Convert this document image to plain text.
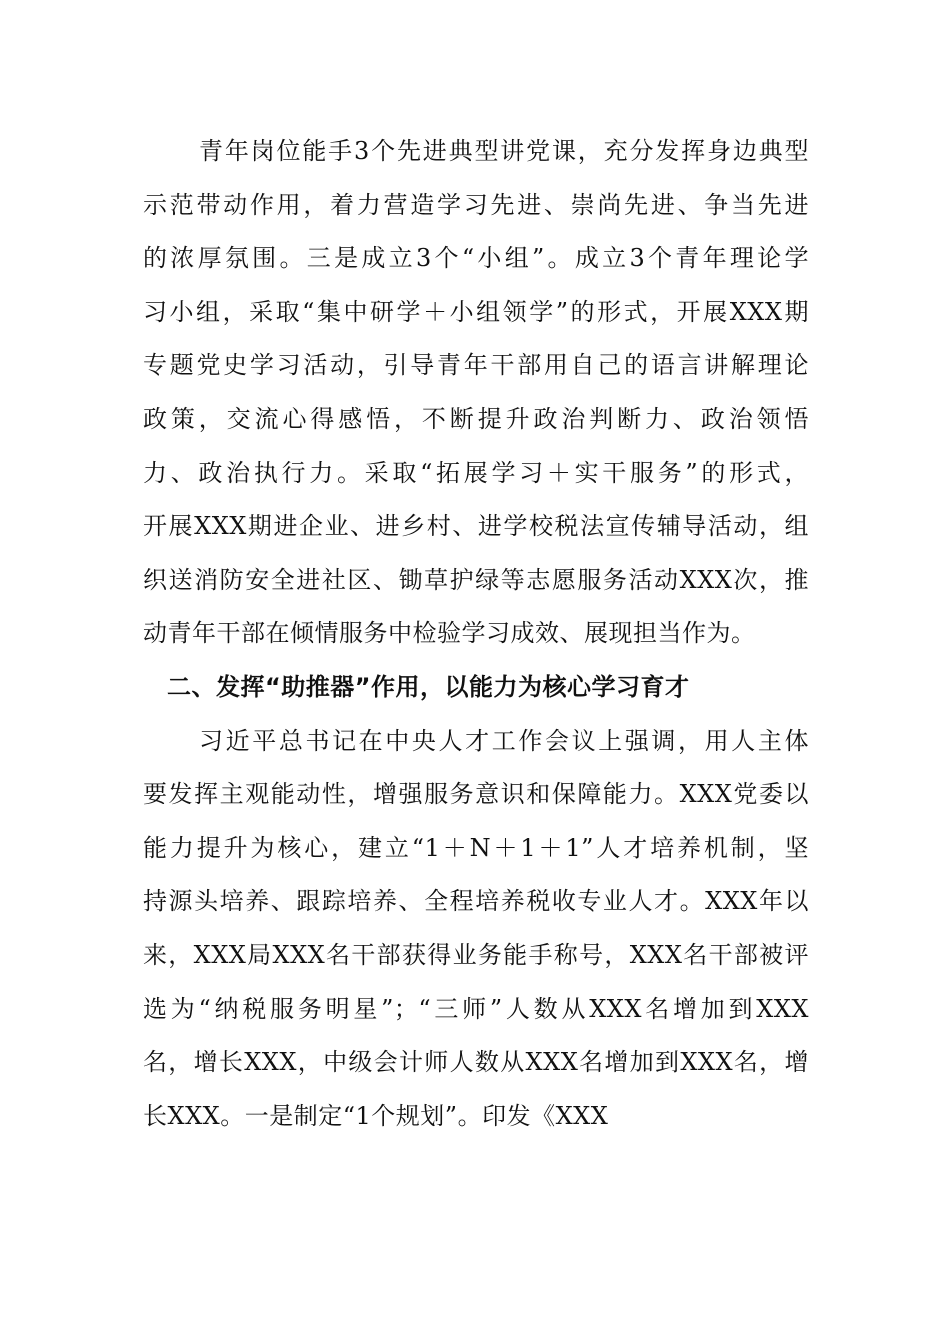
青年岗位能手3个先进典型讲党课，充分发挥身边典型
示范带动作用，着力营造学习先进、崇尚先进、争当先进
的浓厚氛围。三是成立3个“小组”。成立3个青年理论学
习小组，采取“集中研学＋小组领学”的形式，开展XXX期
专题党史学习活动，引导青年干部用自己的语言讲解理论
政策，交流心得感悟，不断提升政治判断力、政治领悟
力、政治执行力。采取“拓展学习＋实干服务”的形式，
开展XXX期进企业、进乡村、进学校税法宣传辅导活动，组
织送消防安全进社区、锄草护绿等志愿服务活动XXX次，推
动青年干部在倾情服务中检验学习成效、展现担当作为。
二、发挥“助推器”作用，以能力为核心学习育才
习近平总书记在中央人才工作会议上强调，用人主体
要发挥主观能动性，增强服务意识和保障能力。XXX党委以
能力提升为核心，建立“1＋N＋1＋1”人才培养机制，坚
持源头培养、跟踪培养、全程培养税收专业人才。XXX年以
来，XXX局XXX名干部获得业务能手称号，XXX名干部被评
选为“纳税服务明星”；“三师”人数从XXX名增加到XXX
名，增长XXX，中级会计师人数从XXX名增加到XXX名，增
长XXX。一是制定“1个规划”。印发《XXX
